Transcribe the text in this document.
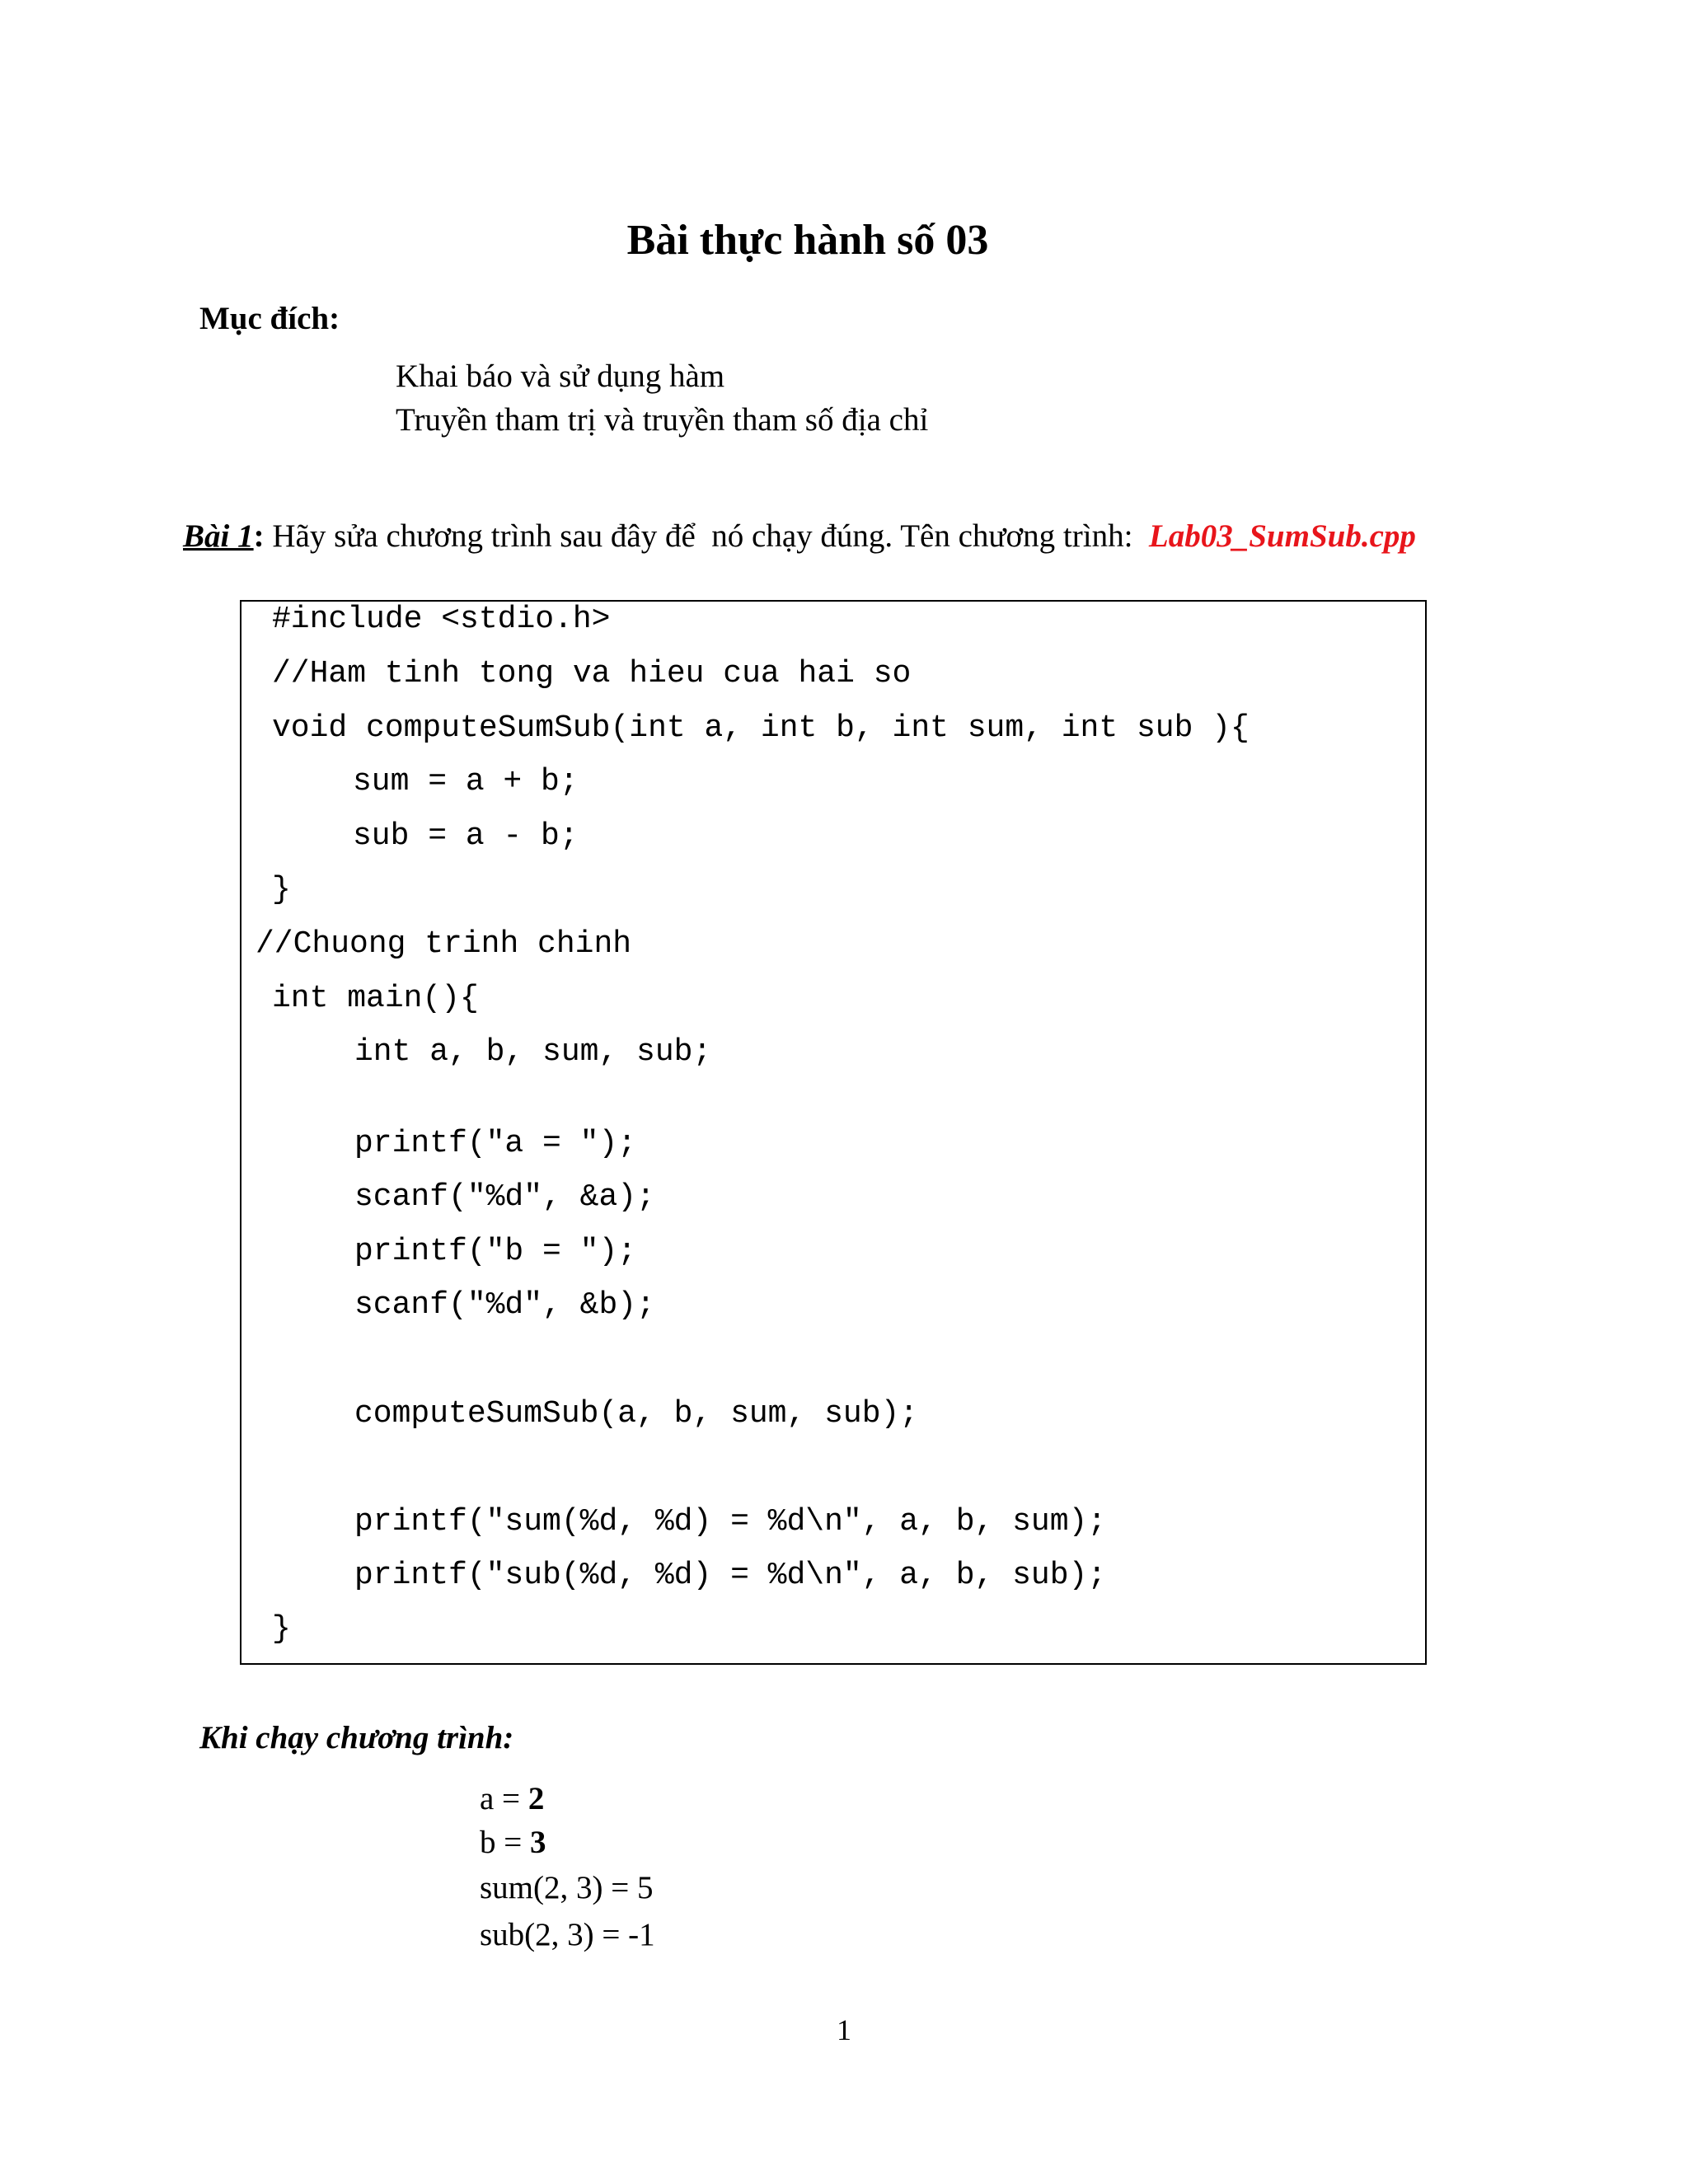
Bài thực hành số 03
Mục đích:
Khai báo và sử dụng hàm
Truyền tham trị và truyền tham số địa chỉ
Bài 1: Hãy sửa chương trình sau đây để  nó chạy đúng. Tên chương trình:  Lab03_SumSub.cpp
#include <stdio.h>
//Ham tinh tong va hieu cua hai so
void computeSumSub(int a, int b, int sum, int sub ){
sum = a + b;
sub = a - b;
}
//Chuong trinh chinh
int main(){
int a, b, sum, sub;
printf("a = ");
scanf("%d", &a);
printf("b = ");
scanf("%d", &b);
computeSumSub(a, b, sum, sub);
printf("sum(%d, %d) = %d\n", a, b, sum);
printf("sub(%d, %d) = %d\n", a, b, sub);
}
Khi chạy chương trình:
a = 2
b = 3
sum(2, 3) = 5
sub(2, 3) = -1
1
